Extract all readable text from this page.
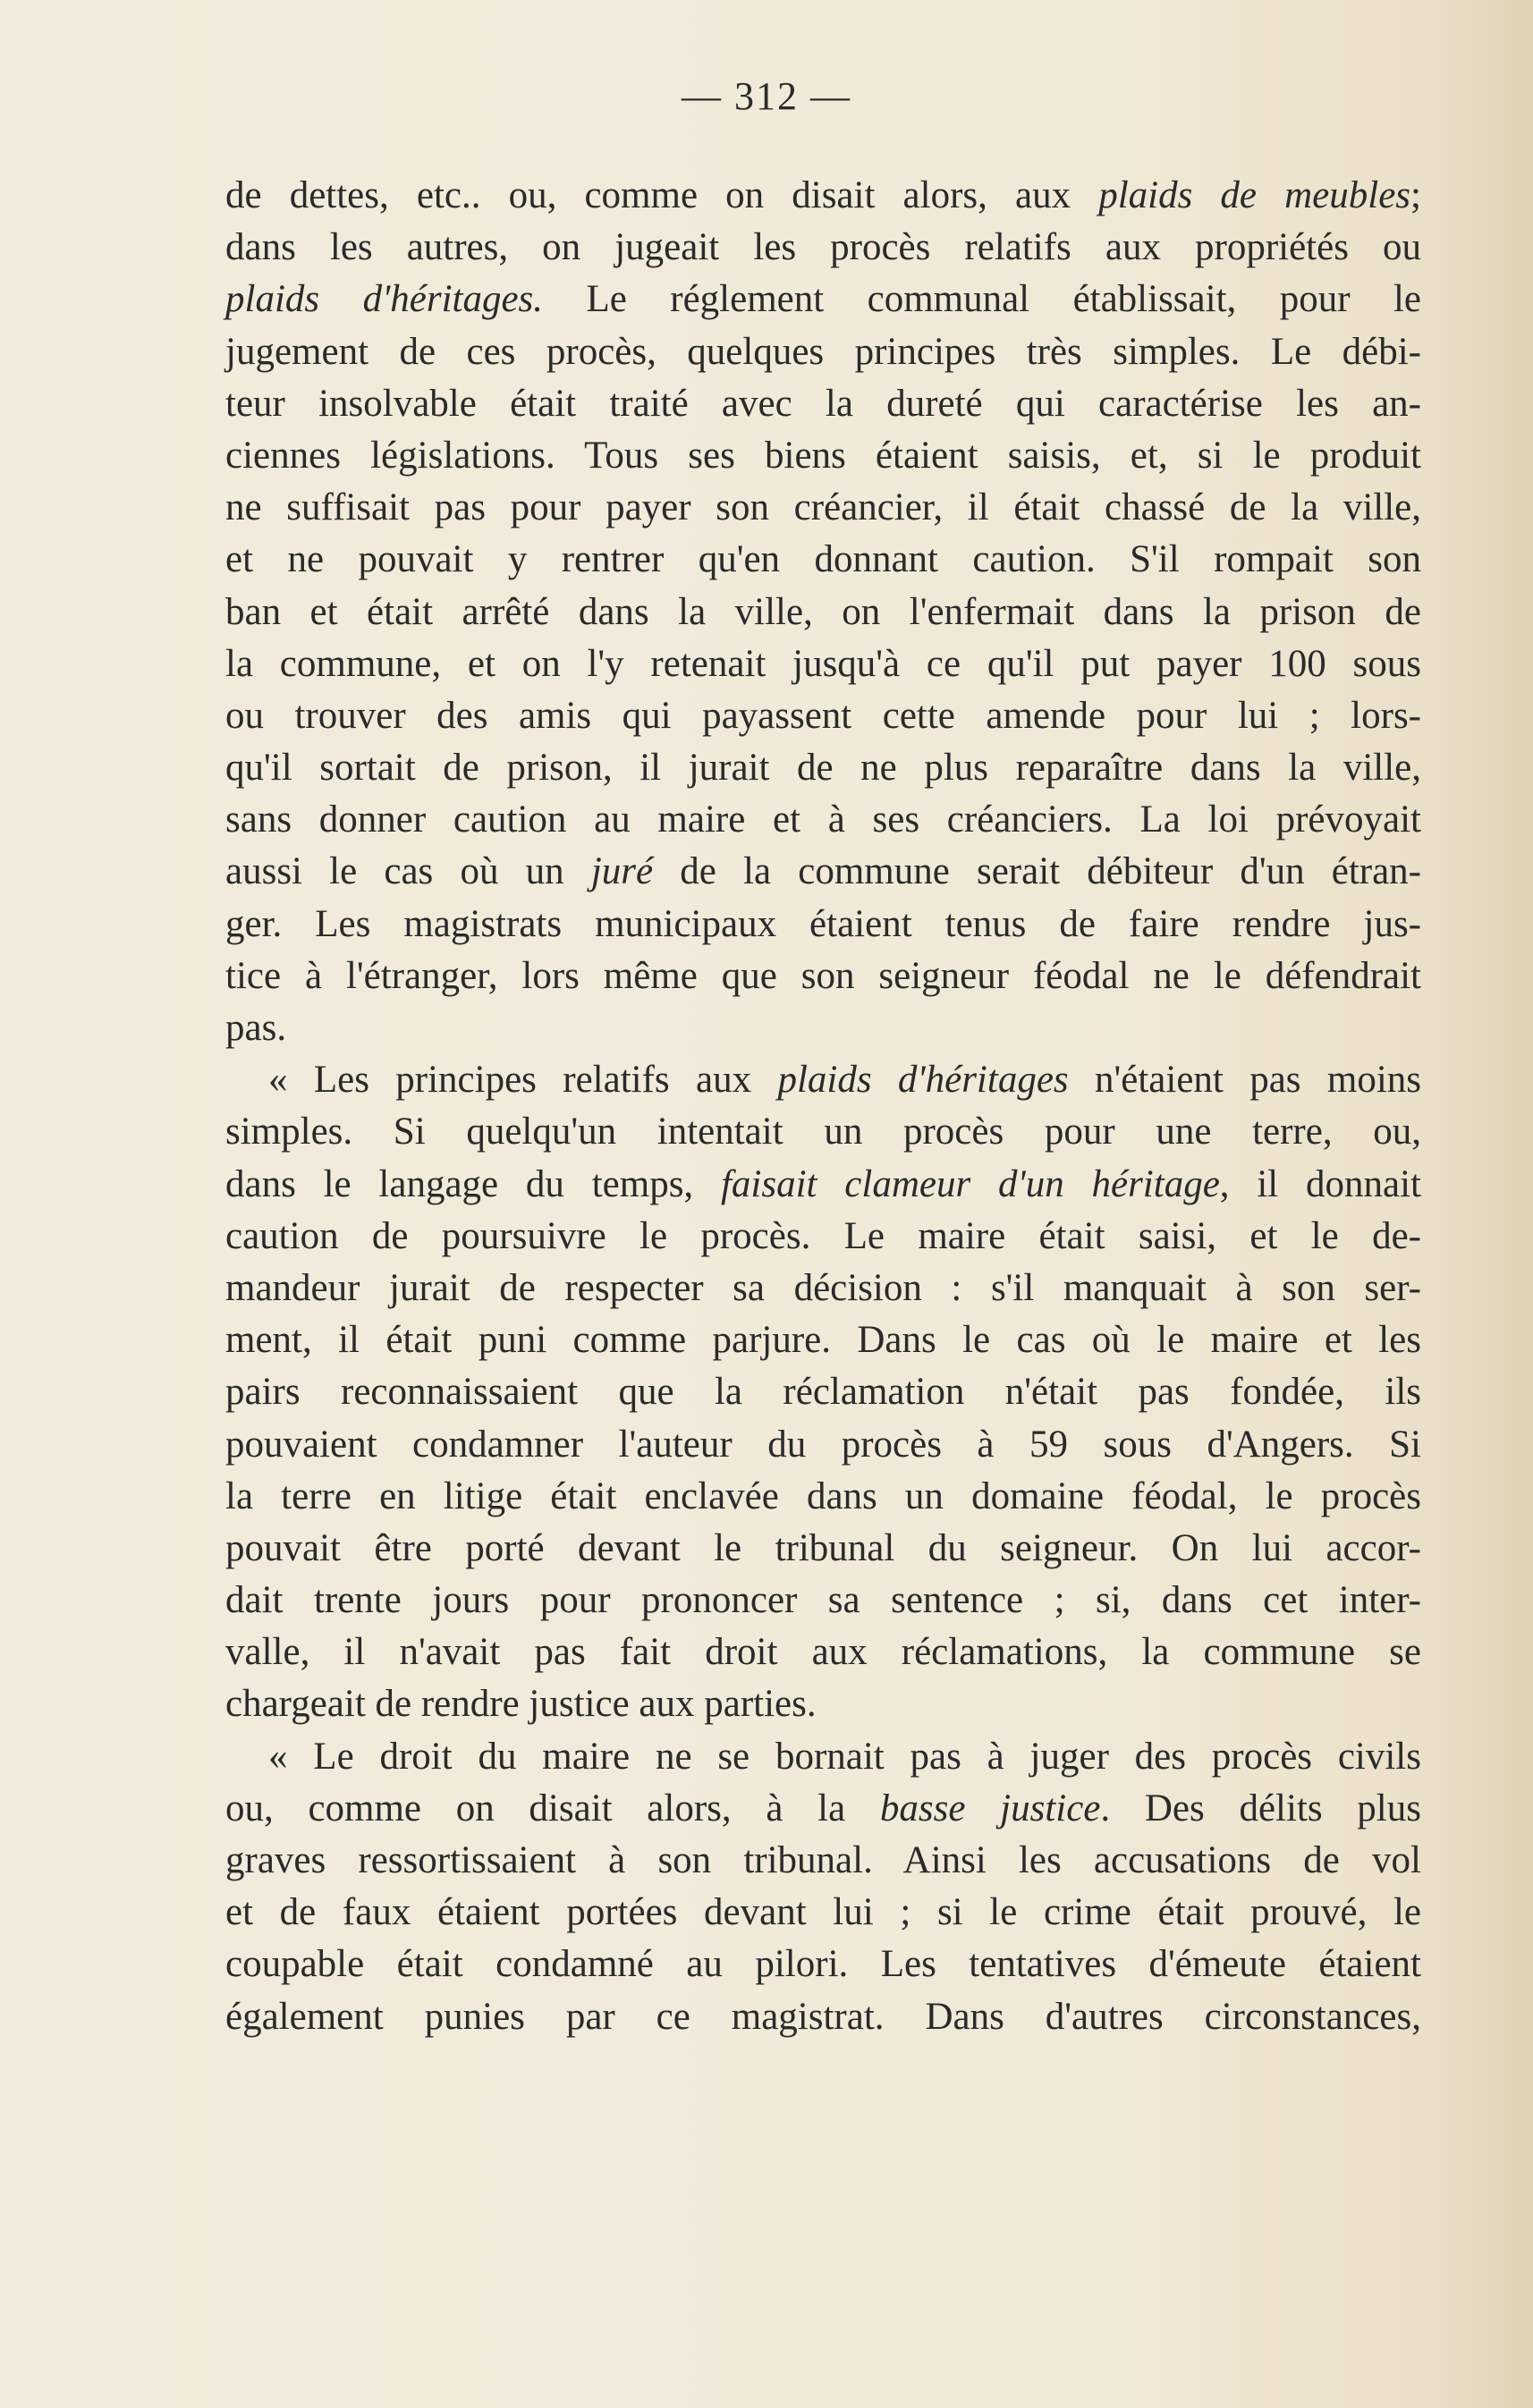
— 312 —
de dettes, etc.. ou, comme on disait alors, aux plaids de meubles;
dans les autres, on jugeait les procès relatifs aux propriétés ou
plaids d'héritages. Le réglement communal établissait, pour le
jugement de ces procès, quelques principes très simples. Le débi-
teur insolvable était traité avec la dureté qui caractérise les an-
ciennes législations. Tous ses biens étaient saisis, et, si le produit
ne suffisait pas pour payer son créancier, il était chassé de la ville,
et ne pouvait y rentrer qu'en donnant caution. S'il rompait son
ban et était arrêté dans la ville, on l'enfermait dans la prison de
la commune, et on l'y retenait jusqu'à ce qu'il put payer 100 sous
ou trouver des amis qui payassent cette amende pour lui ; lors-
qu'il sortait de prison, il jurait de ne plus reparaître dans la ville,
sans donner caution au maire et à ses créanciers. La loi prévoyait
aussi le cas où un juré de la commune serait débiteur d'un étran-
ger. Les magistrats municipaux étaient tenus de faire rendre jus-
tice à l'étranger, lors même que son seigneur féodal ne le défendrait
pas.
« Les principes relatifs aux plaids d'héritages n'étaient pas moins
simples. Si quelqu'un intentait un procès pour une terre, ou,
dans le langage du temps, faisait clameur d'un héritage, il donnait
caution de poursuivre le procès. Le maire était saisi, et le de-
mandeur jurait de respecter sa décision : s'il manquait à son ser-
ment, il était puni comme parjure. Dans le cas où le maire et les
pairs reconnaissaient que la réclamation n'était pas fondée, ils
pouvaient condamner l'auteur du procès à 59 sous d'Angers. Si
la terre en litige était enclavée dans un domaine féodal, le procès
pouvait être porté devant le tribunal du seigneur. On lui accor-
dait trente jours pour prononcer sa sentence ; si, dans cet inter-
valle, il n'avait pas fait droit aux réclamations, la commune se
chargeait de rendre justice aux parties.
« Le droit du maire ne se bornait pas à juger des procès civils
ou, comme on disait alors, à la basse justice. Des délits plus
graves ressortissaient à son tribunal. Ainsi les accusations de vol
et de faux étaient portées devant lui ; si le crime était prouvé, le
coupable était condamné au pilori. Les tentatives d'émeute étaient
également punies par ce magistrat. Dans d'autres circonstances,
